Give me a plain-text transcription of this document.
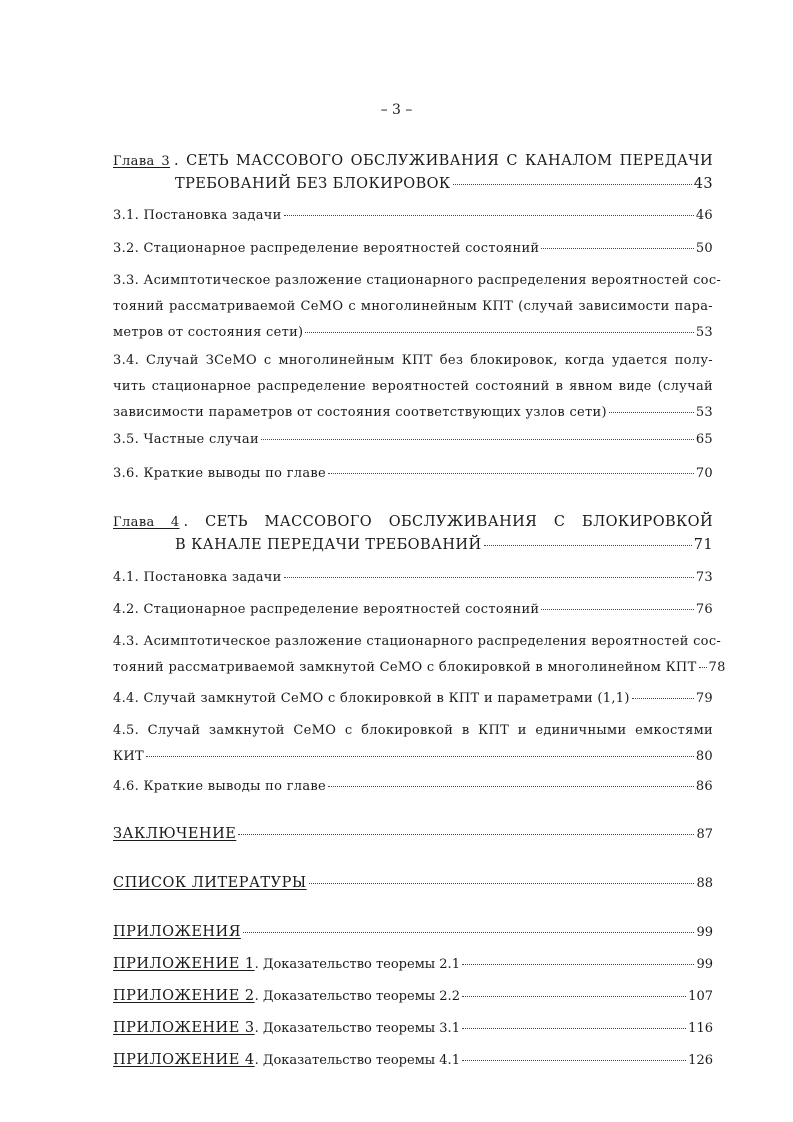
– 3 –
Глава 3 . СЕТЬ МАССОВОГО ОБСЛУЖИВАНИЯ С КАНАЛОМ ПЕРЕДАЧИ
ТРЕБОВАНИЙ БЕЗ БЛОКИРОВОК	43
3.1. Постановка задачи	46
3.2. Стационарное распределение вероятностей состояний	50
3.3. Асимптотическое разложение стационарного распределения вероятностей сос-
тояний рассматриваемой СеМО с многолинейным КПТ (случай зависимости пара-
метров от состояния сети)	53
3.4. Случай ЗСеМО с многолинейным КПТ без блокировок, когда удается полу-
чить стационарное распределение вероятностей состояний в явном виде (случай
зависимости параметров от состояния соответствующих узлов сети)	53
3.5. Частные случаи	65
3.6. Краткие выводы по главе	70
Глава 4 . СЕТЬ МАССОВОГО ОБСЛУЖИВАНИЯ С БЛОКИРОВКОЙ
В КАНАЛЕ ПЕРЕДАЧИ ТРЕБОВАНИЙ	71
4.1. Постановка задачи	73
4.2. Стационарное распределение вероятностей состояний	76
4.3. Асимптотическое разложение стационарного распределения вероятностей сос-
тояний рассматриваемой замкнутой СеМО с блокировкой в многолинейном КПТ 78
4.4. Случай замкнутой СеМО с блокировкой в КПТ и параметрами (1,1)	79
4.5. Случай замкнутой СеМО с блокировкой в КПТ и единичными емкостями
КИТ	80
4.6. Краткие выводы по главе	86
ЗАКЛЮЧЕНИЕ	87
СПИСОК ЛИТЕРАТУРЫ	88
ПРИЛОЖЕНИЯ	99
ПРИЛОЖЕНИЕ 1 . Доказательство теоремы 2.1	99
ПРИЛОЖЕНИЕ 2 . Доказательство теоремы 2.2	107
ПРИЛОЖЕНИЕ 3 . Доказательство теоремы 3.1	116
ПРИЛОЖЕНИЕ 4 . Доказательство теоремы 4.1	126
